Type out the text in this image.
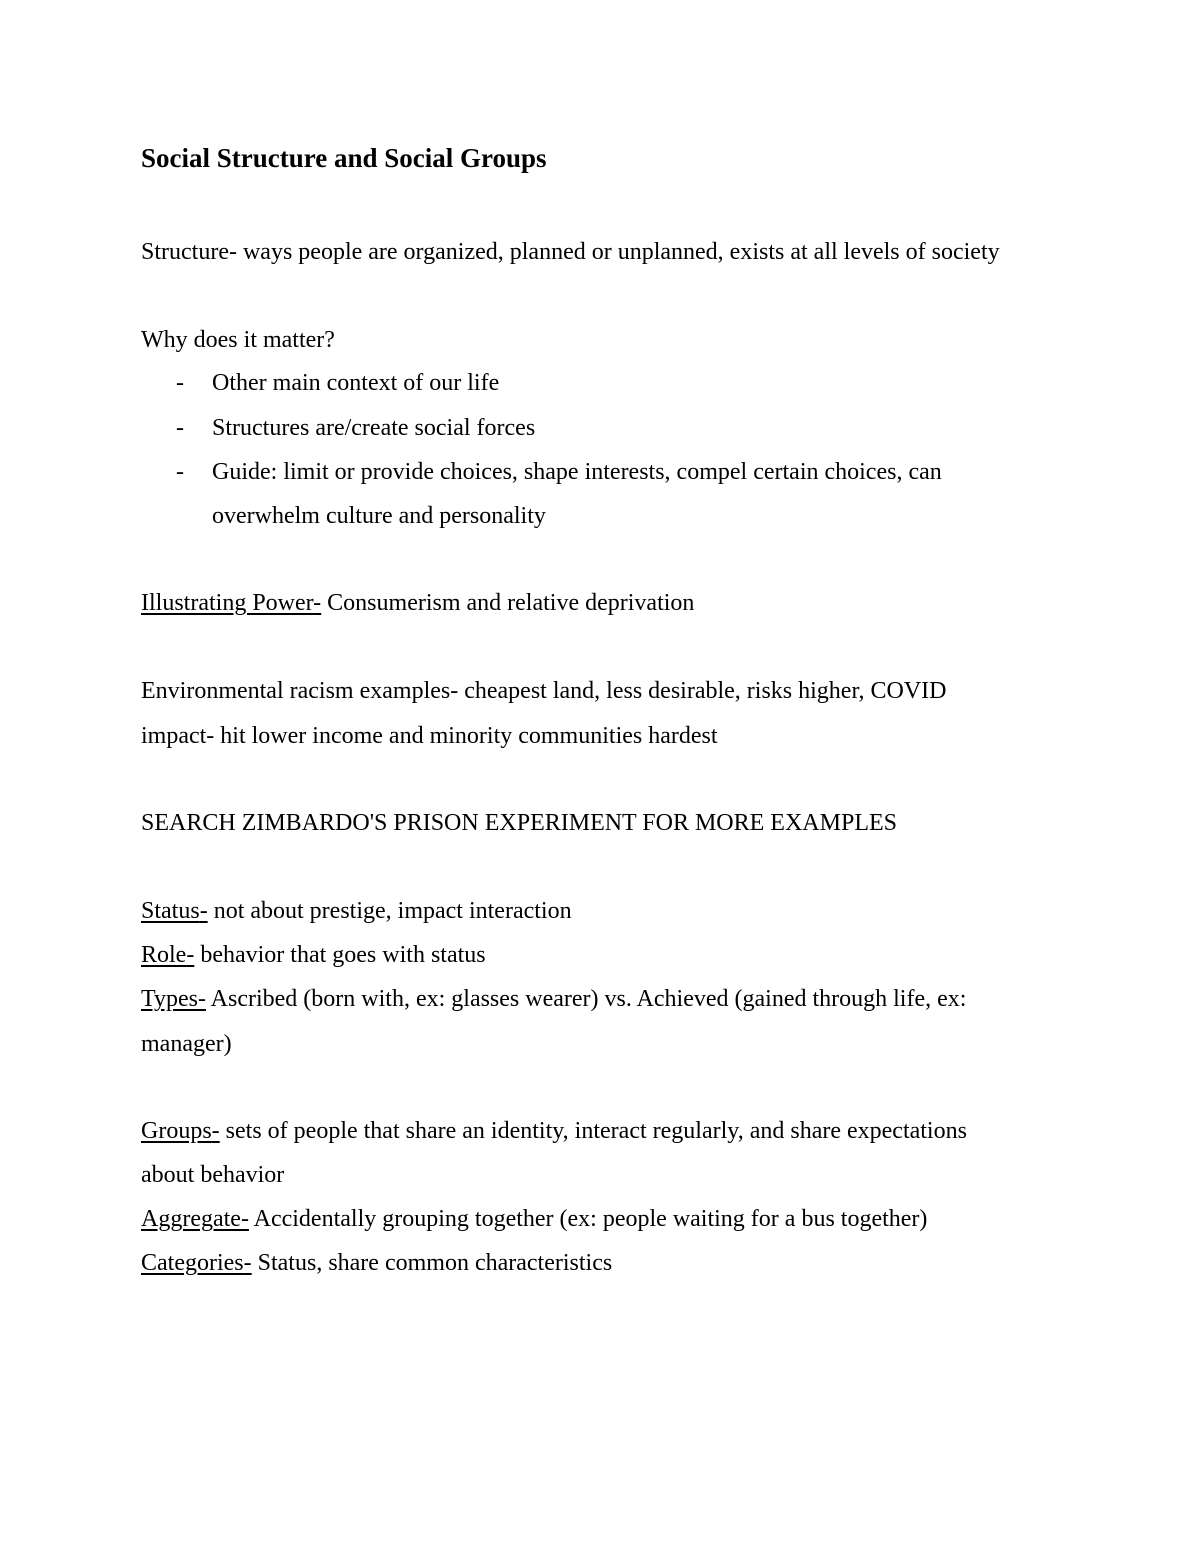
Social Structure and Social Groups
Structure- ways people are organized, planned or unplanned, exists at all levels of society
Why does it matter?
- Other main context of our life
- Structures are/create social forces
- Guide: limit or provide choices, shape interests, compel certain choices, can
overwhelm culture and personality
Illustrating Power- Consumerism and relative deprivation
Environmental racism examples- cheapest land, less desirable, risks higher, COVID
impact- hit lower income and minority communities hardest
SEARCH ZIMBARDO'S PRISON EXPERIMENT FOR MORE EXAMPLES
Status- not about prestige, impact interaction
Role- behavior that goes with status
Types- Ascribed (born with, ex: glasses wearer) vs. Achieved (gained through life, ex:
manager)
Groups- sets of people that share an identity, interact regularly, and share expectations
about behavior
Aggregate- Accidentally grouping together (ex: people waiting for a bus together)
Categories- Status, share common characteristics
